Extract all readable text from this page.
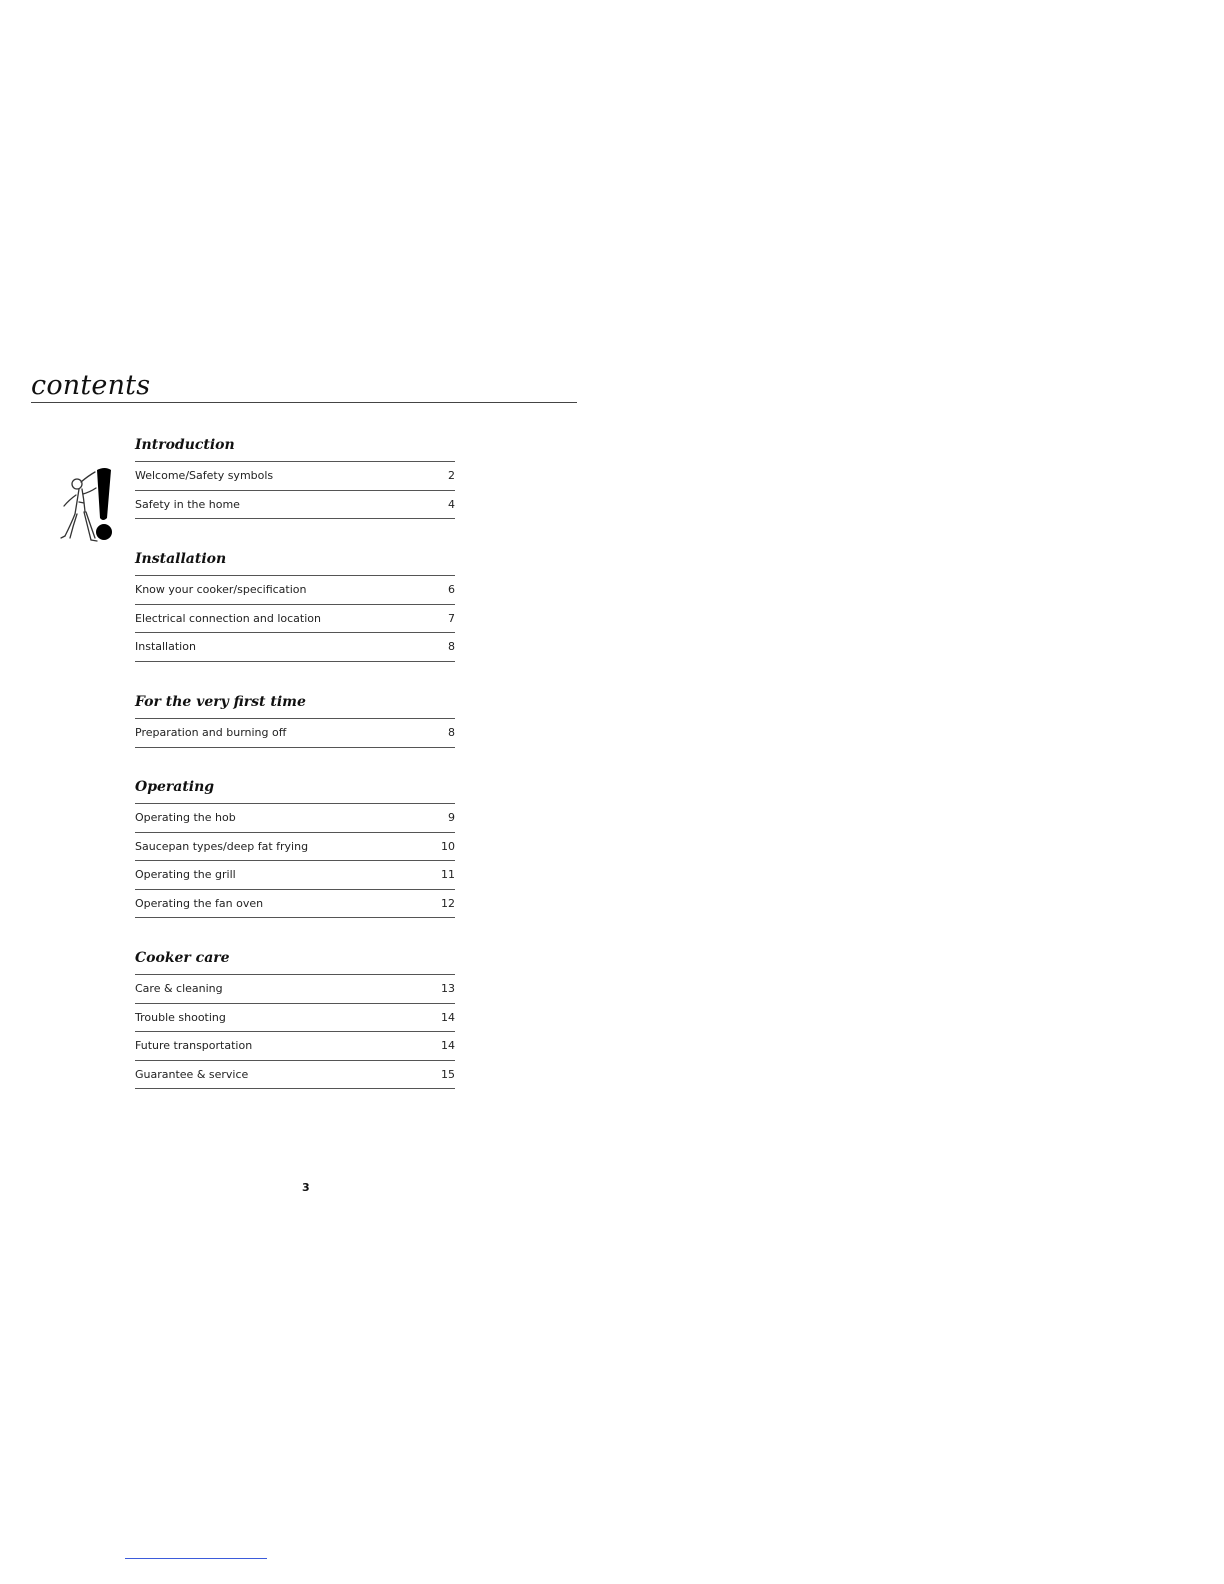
contents
Introduction
Welcome/Safety symbols	2
Safety in the home	4
Installation
Know your cooker/specification	6
Electrical connection and location	7
Installation	8
For the very first time
Preparation and burning off	8
Operating
Operating the hob	9
Saucepan types/deep fat frying	10
Operating the grill	11
Operating the fan oven	12
Cooker care
Care & cleaning	13
Trouble shooting	14
Future transportation	14
Guarantee & service	15
3
